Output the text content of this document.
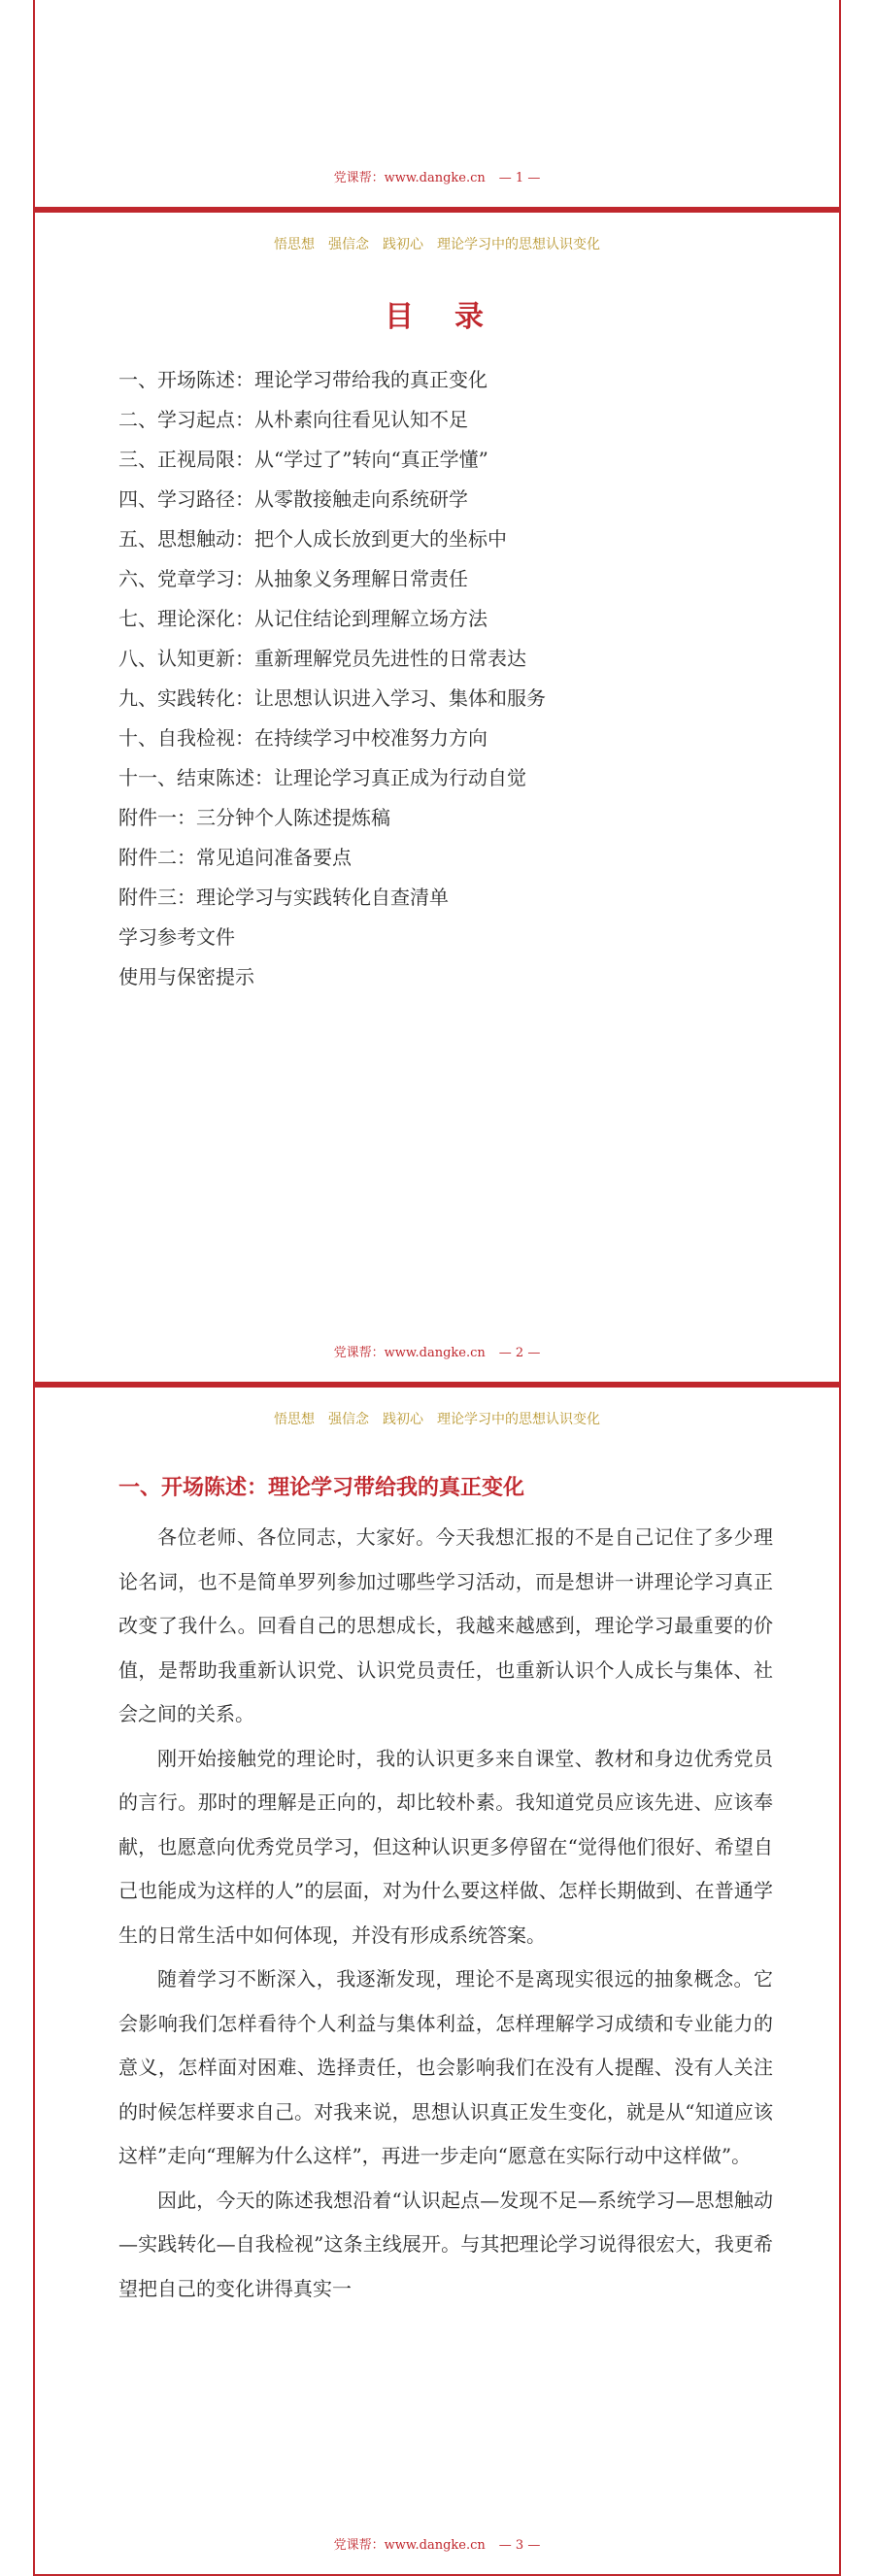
党课帮：www.dangke.cn — 1 —
悟思想　强信念　践初心　理论学习中的思想认识变化
目　录
一、开场陈述：理论学习带给我的真正变化
二、学习起点：从朴素向往看见认知不足
三、正视局限：从“学过了”转向“真正学懂”
四、学习路径：从零散接触走向系统研学
五、思想触动：把个人成长放到更大的坐标中
六、党章学习：从抽象义务理解日常责任
七、理论深化：从记住结论到理解立场方法
八、认知更新：重新理解党员先进性的日常表达
九、实践转化：让思想认识进入学习、集体和服务
十、自我检视：在持续学习中校准努力方向
十一、结束陈述：让理论学习真正成为行动自觉
附件一：三分钟个人陈述提炼稿
附件二：常见追问准备要点
附件三：理论学习与实践转化自查清单
学习参考文件
使用与保密提示
党课帮：www.dangke.cn — 2 —
悟思想　强信念　践初心　理论学习中的思想认识变化
一、开场陈述：理论学习带给我的真正变化

各位老师、各位同志，大家好。今天我想汇报的不是自己记住了多少理论名词，也不是简单罗列参加过哪些学习活动，而是想讲一讲理论学习真正改变了我什么。回看自己的思想成长，我越来越感到，理论学习最重要的价值，是帮助我重新认识党、认识党员责任，也重新认识个人成长与集体、社会之间的关系。

刚开始接触党的理论时，我的认识更多来自课堂、教材和身边优秀党员的言行。那时的理解是正向的，却比较朴素。我知道党员应该先进、应该奉献，也愿意向优秀党员学习，但这种认识更多停留在“觉得他们很好、希望自己也能成为这样的人”的层面，对为什么要这样做、怎样长期做到、在普通学生的日常生活中如何体现，并没有形成系统答案。

随着学习不断深入，我逐渐发现，理论不是离现实很远的抽象概念。它会影响我们怎样看待个人利益与集体利益，怎样理解学习成绩和专业能力的意义，怎样面对困难、选择责任，也会影响我们在没有人提醒、没有人关注的时候怎样要求自己。对我来说，思想认识真正发生变化，就是从“知道应该这样”走向“理解为什么这样”，再进一步走向“愿意在实际行动中这样做”。

因此，今天的陈述我想沿着“认识起点—发现不足—系统学习—思想触动—实践转化—自我检视”这条主线展开。与其把理论学习说得很宏大，我更希望把自己的变化讲得真实一

党课帮：www.dangke.cn — 3 —
